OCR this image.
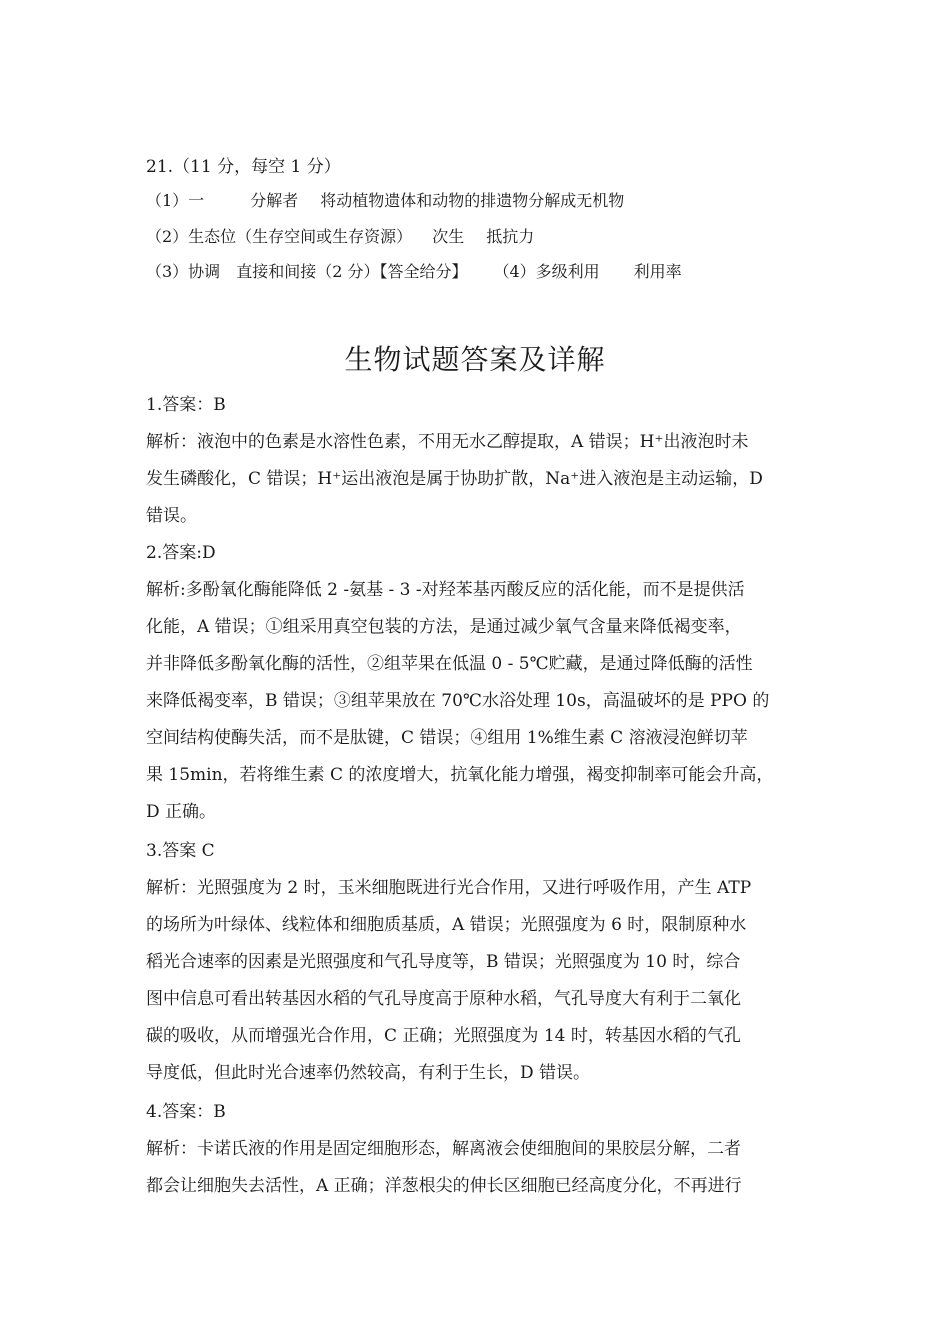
21.（11 分，每空 1 分）
（1）一	分解者 将动植物遗体和动物的排遗物分解成无机物
（2）生态位（生存空间或生存资源） 次生 抵抗力
（3）协调 直接和间接（2 分）【答全给分】 （4）多级利用 利用率
生物试题答案及详解
1.答案：B
解析：液泡中的色素是水溶性色素，不用无水乙醇提取，A 错误；H⁺出液泡时未
发生磷酸化，C 错误；H⁺运出液泡是属于协助扩散，Na⁺进入液泡是主动运输，D
错误。
2.答案:D
解析:多酚氧化酶能降低 2 -氨基 - 3 -对羟苯基丙酸反应的活化能，而不是提供活
化能，A 错误；①组采用真空包装的方法，是通过减少氧气含量来降低褐变率，
并非降低多酚氧化酶的活性，②组苹果在低温 0 - 5℃贮藏，是通过降低酶的活性
来降低褐变率，B 错误；③组苹果放在 70℃水浴处理 10s，高温破坏的是 PPO 的
空间结构使酶失活，而不是肽键，C 错误；④组用 1%维生素 C 溶液浸泡鲜切苹
果 15min，若将维生素 C 的浓度增大，抗氧化能力增强，褐变抑制率可能会升高，
D 正确。
3.答案 C
解析：光照强度为 2 时，玉米细胞既进行光合作用，又进行呼吸作用，产生 ATP
的场所为叶绿体、线粒体和细胞质基质，A 错误；光照强度为 6 时，限制原种水
稻光合速率的因素是光照强度和气孔导度等，B 错误；光照强度为 10 时，综合
图中信息可看出转基因水稻的气孔导度高于原种水稻，气孔导度大有利于二氧化
碳的吸收，从而增强光合作用，C 正确；光照强度为 14 时，转基因水稻的气孔
导度低，但此时光合速率仍然较高，有利于生长，D 错误。
4.答案：B
解析：卡诺氏液的作用是固定细胞形态，解离液会使细胞间的果胶层分解，二者
都会让细胞失去活性，A 正确；洋葱根尖的伸长区细胞已经高度分化，不再进行
